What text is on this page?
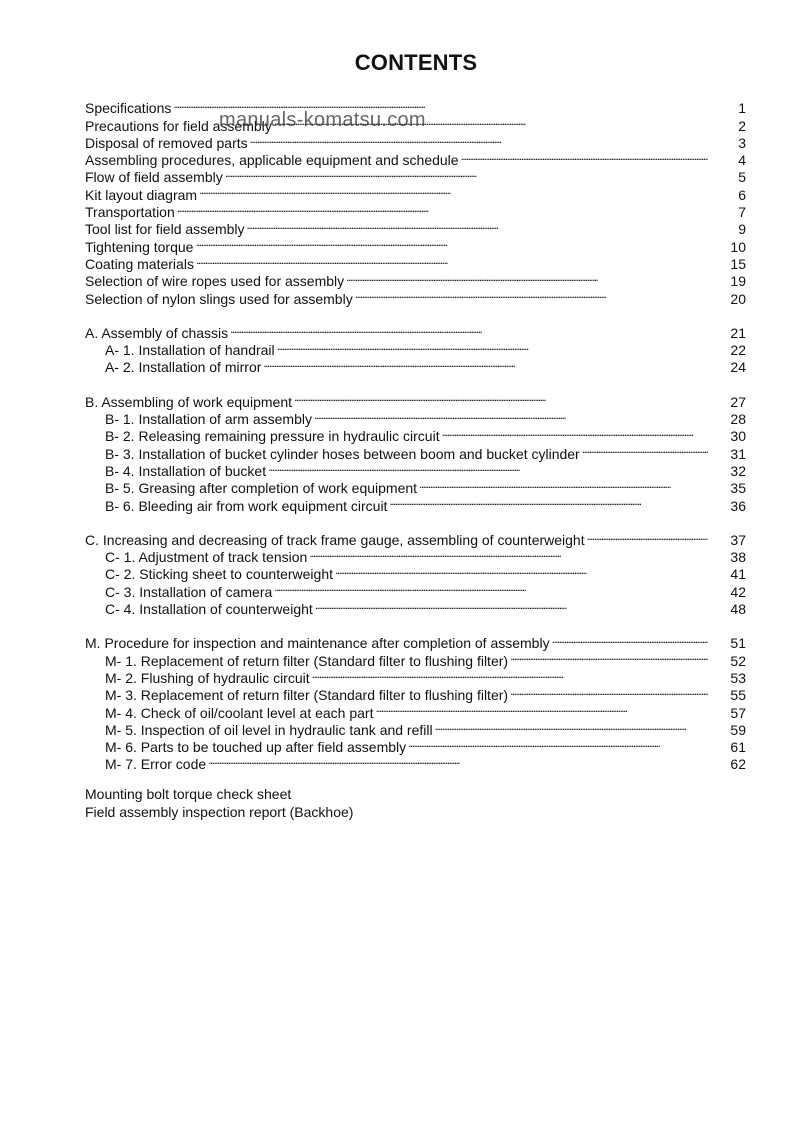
CONTENTS
Specifications . . .	1
Precautions for field assembly . . .	2
Disposal of removed parts . . .	3
Assembling procedures, applicable equipment and schedule . . .	4
Flow of field assembly . . .	5
Kit layout diagram . . .	6
Transportation . . .	7
Tool list for field assembly . . .	9
Tightening torque . . .	10
Coating materials . . .	15
Selection of wire ropes used for assembly . . .	19
Selection of nylon slings used for assembly . . .	20
A. Assembly of chassis . . .	21
A- 1. Installation of handrail . . .	22
A- 2. Installation of mirror . . .	24
B. Assembling of work equipment . . .	27
B- 1. Installation of arm assembly . . .	28
B- 2. Releasing remaining pressure in hydraulic circuit . . .	30
B- 3. Installation of bucket cylinder hoses between boom and bucket cylinder . . .	31
B- 4. Installation of bucket . . .	32
B- 5. Greasing after completion of work equipment . . .	35
B- 6. Bleeding air from work equipment circuit . . .	36
C. Increasing and decreasing of track frame gauge, assembling of counterweight . . .	37
C- 1. Adjustment of track tension . . .	38
C- 2. Sticking sheet to counterweight . . .	41
C- 3. Installation of camera . . .	42
C- 4. Installation of counterweight . . .	48
M. Procedure for inspection and maintenance after completion of assembly . . .	51
M- 1. Replacement of return filter (Standard filter to flushing filter) . . .	52
M- 2. Flushing of hydraulic circuit . . .	53
M- 3. Replacement of return filter (Standard filter to flushing filter) . . .	55
M- 4. Check of oil/coolant level at each part . . .	57
M- 5. Inspection of oil level in hydraulic tank and refill . . .	59
M- 6. Parts to be touched up after field assembly . . .	61
M- 7. Error code . . .	62
Mounting bolt torque check sheet
Field assembly inspection report (Backhoe)
manuals-komatsu.com
